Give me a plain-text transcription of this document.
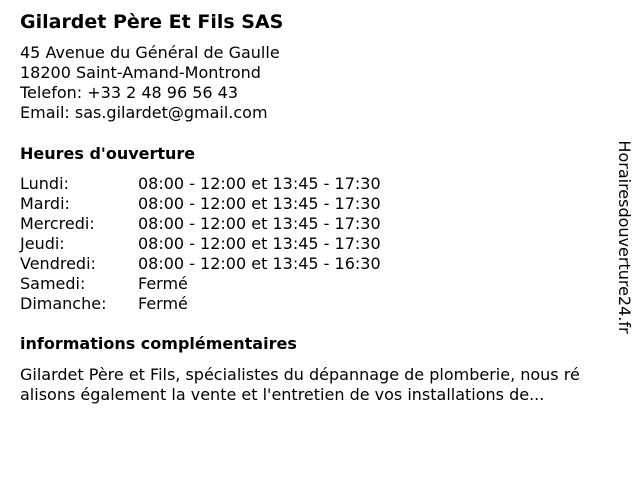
Gilardet Père Et Fils SAS
45 Avenue du Général de Gaulle
18200 Saint-Amand-Montrond
Telefon: +33 2 48 96 56 43
Email: sas.gilardet@gmail.com
Heures d'ouverture
Lundi:	08:00 - 12:00 et 13:45 - 17:30
Mardi:	08:00 - 12:00 et 13:45 - 17:30
Mercredi:	08:00 - 12:00 et 13:45 - 17:30
Jeudi:	08:00 - 12:00 et 13:45 - 17:30
Vendredi:	08:00 - 12:00 et 13:45 - 16:30
Samedi:	Fermé
Dimanche: Fermé
informations complémentaires
Gilardet Père et Fils, spécialistes du dépannage de plomberie, nous ré
alisons également la vente et l'entretien de vos installations de...
Horairesdouverture24.fr
